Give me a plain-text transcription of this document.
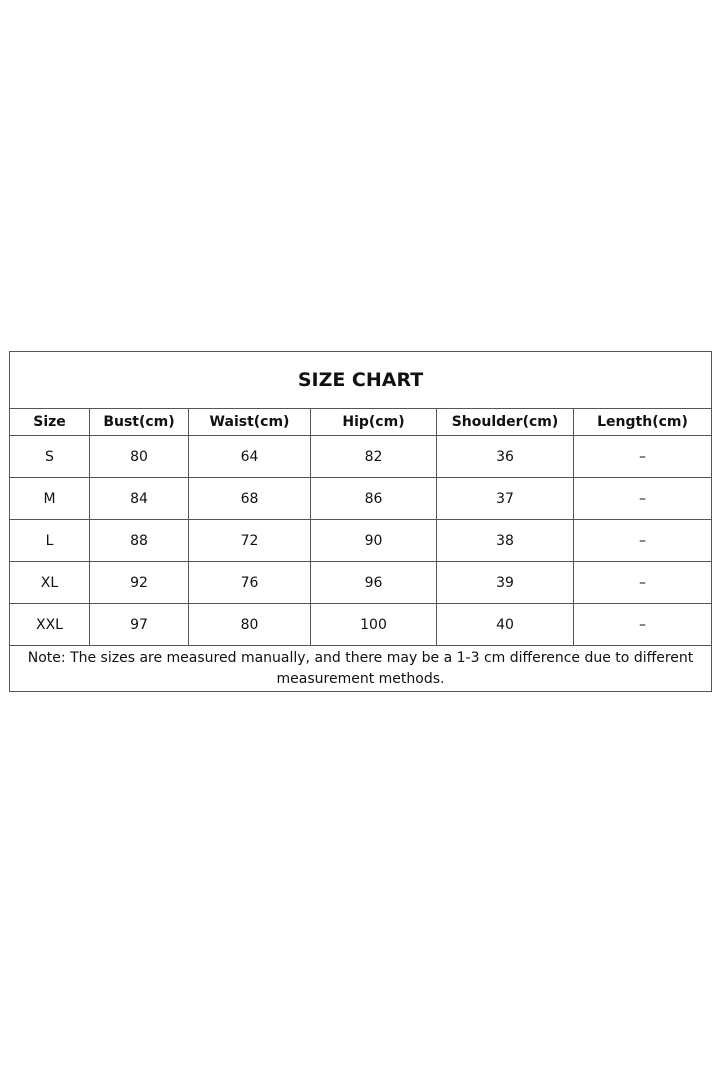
SIZE CHART					
Size	Bust(cm)	Waist(cm)	Hip(cm)	Shoulder(cm)	Length(cm)
S	80	64	82	36	–
M	84	68	86	37	–
L	88	72	90	38	–
XL	92	76	96	39	–
XXL	97	80	100	40	–
Note: The sizes are measured manually, and there may be a 1-3 cm difference due to different measurement methods.					
